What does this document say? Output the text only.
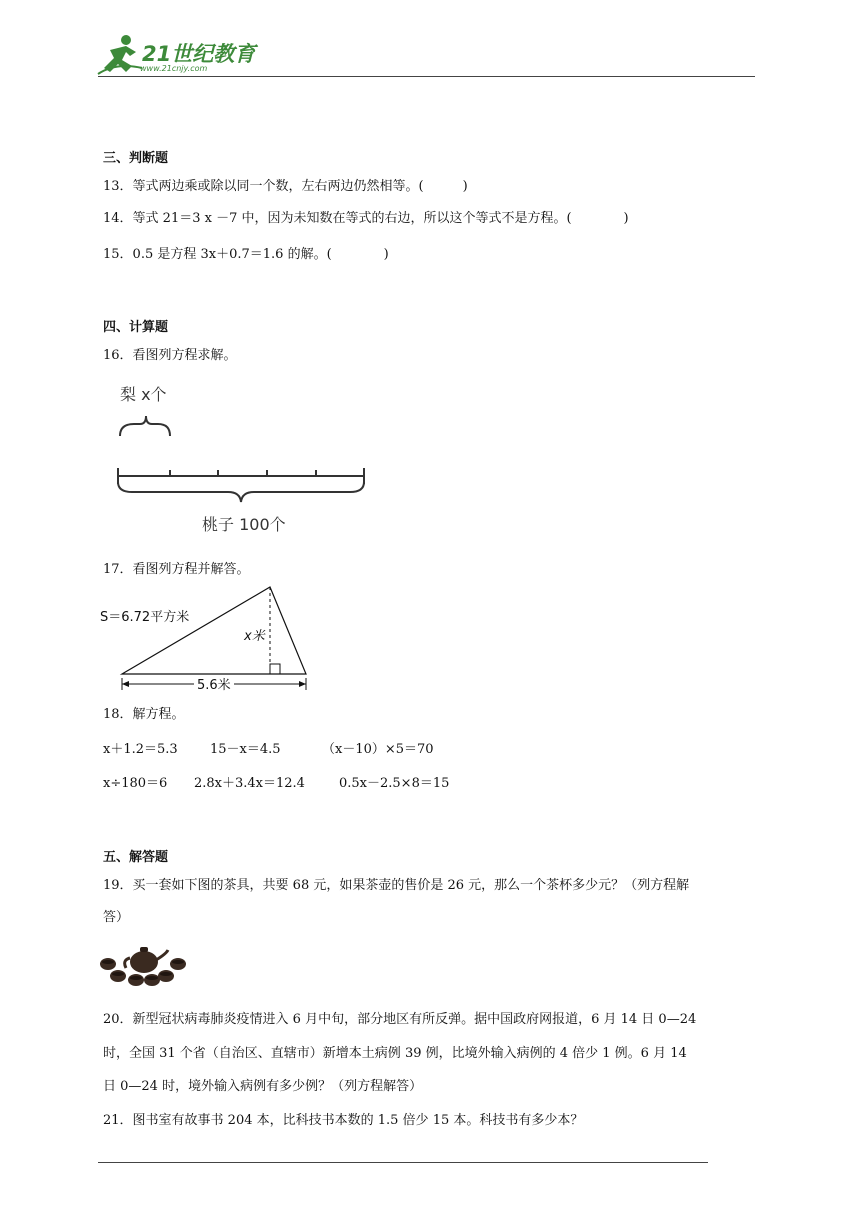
21世纪教育
www.21cnjy.com
三、判断题
13．等式两边乘或除以同一个数，左右两边仍然相等。(　　　)
14．等式 21＝3 x －7 中，因为未知数在等式的右边，所以这个等式不是方程。(　　　　)
15．0.5 是方程 3x＋0.7＝1.6 的解。(　　　　)
四、计算题
16．看图列方程求解。
梨 x个
桃子 100个
17．看图列方程并解答。
S＝6.72平方米
x米
5.6米
18．解方程。
x＋1.2＝5.3 15－x＝4.5	（x－10）×5＝70
x÷180＝6 2.8x＋3.4x＝12.4	0.5x－2.5×8＝15
五、解答题
19．买一套如下图的茶具，共要 68 元，如果茶壶的售价是 26 元，那么一个茶杯多少元？（列方程解
答）
20．新型冠状病毒肺炎疫情进入 6 月中旬，部分地区有所反弹。据中国政府网报道，6 月 14 日 0—24
时，全国 31 个省（自治区、直辖市）新增本土病例 39 例，比境外输入病例的 4 倍少 1 例。6 月 14
日 0—24 时，境外输入病例有多少例？（列方程解答）
21．图书室有故事书 204 本，比科技书本数的 1.5 倍少 15 本。科技书有多少本？
